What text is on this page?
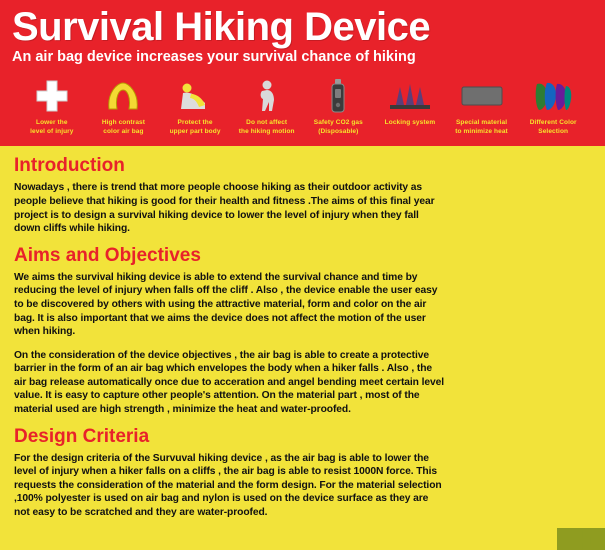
Survival Hiking Device
An air bag device increases your survival chance of hiking
Lower the
level of injury
High contrast
color air bag
Protect the
upper part body
Do not affect
the hiking motion
Safety CO2 gas
(Disposable)
Locking system	Special material
to minimize heat
Different Color
Selection
Introduction

Nowadays , there is trend that more people choose hiking as their outdoor activity as people believe that hiking is good for their health and fitness .The aims of this final year project is to design a survival hiking device to lower the level of injury when they fall down cliffs while hiking.

Aims and Objectives

We aims the survival hiking device is able to extend the survival chance and time by reducing the level of injury when falls off the cliff . Also , the device enable the user easy to be discovered by others with using the attractive material, form and color on the air bag. It is also important that we aims the device does not affect the motion of the user when hiking.

On the consideration of the device objectives , the air bag is able to create a protective barrier in the form of an air bag which envelopes the body when a hiker falls . Also , the air bag release automatically once due to acceration and angel bending meet certain level value. It is easy to capture other people's attention. On the material part , most of the material used are high strength , minimize the heat and water-proofed.

Design Criteria

For the design criteria of the Survuval hiking device , as the air bag is able to lower the level of injury when a hiker falls on a cliffs , the air bag is able to resist 1000N force. This requests the consideration of the material and the form design. For the material selection ,100% polyester is used on air bag and nylon is used on the device surface as they are not easy to be scratched and they are water-proofed.
